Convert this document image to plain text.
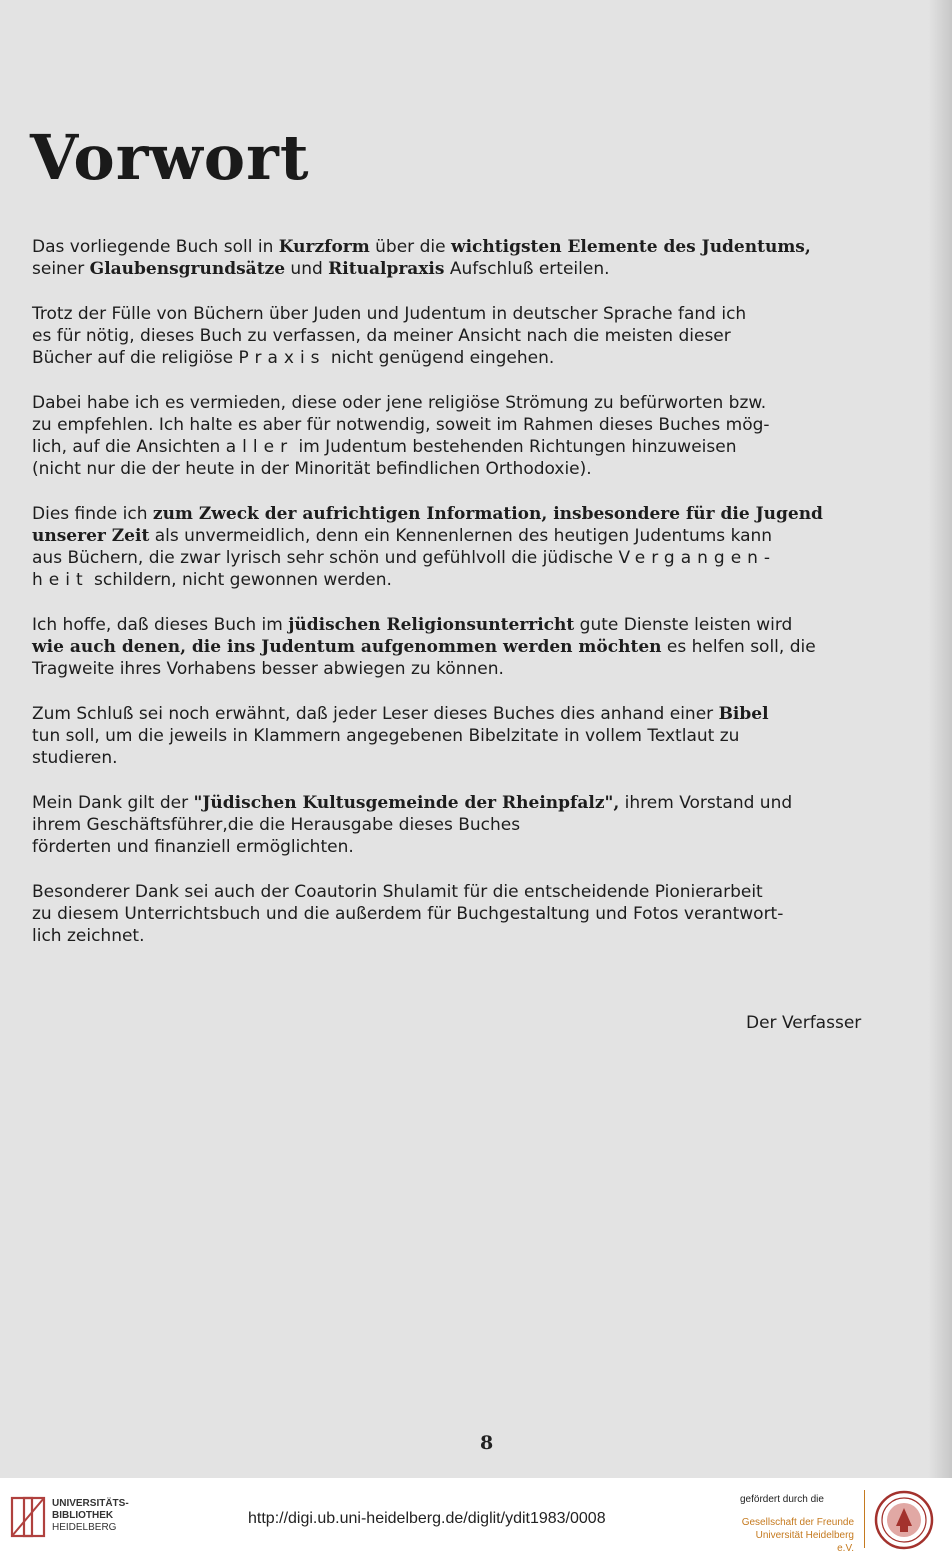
Vorwort

Das vorliegende Buch soll in Kurzform über die wichtigsten Elemente des Judentums,
seiner Glaubensgrundsätze und Ritualpraxis Aufschluß erteilen.

Trotz der Fülle von Büchern über Juden und Judentum in deutscher Sprache fand ich
es für nötig, dieses Buch zu verfassen, da meiner Ansicht nach die meisten dieser
Bücher auf die religiöse Praxis nicht genügend eingehen.

Dabei habe ich es vermieden, diese oder jene religiöse Strömung zu befürworten bzw.
zu empfehlen. Ich halte es aber für notwendig, soweit im Rahmen dieses Buches mög-
lich, auf die Ansichten aller im Judentum bestehenden Richtungen hinzuweisen
(nicht nur die der heute in der Minorität befindlichen Orthodoxie).

Dies finde ich zum Zweck der aufrichtigen Information, insbesondere für die Jugend
unserer Zeit als unvermeidlich, denn ein Kennenlernen des heutigen Judentums kann
aus Büchern, die zwar lyrisch sehr schön und gefühlvoll die jüdische Vergangen-
heit schildern, nicht gewonnen werden.

Ich hoffe, daß dieses Buch im jüdischen Religionsunterricht gute Dienste leisten wird
wie auch denen, die ins Judentum aufgenommen werden möchten es helfen soll, die
Tragweite ihres Vorhabens besser abwiegen zu können.

Zum Schluß sei noch erwähnt, daß jeder Leser dieses Buches dies anhand einer Bibel
tun soll, um die jeweils in Klammern angegebenen Bibelzitate in vollem Textlaut zu
studieren.

Mein Dank gilt der "Jüdischen Kultusgemeinde der Rheinpfalz", ihrem Vorstand und
ihrem Geschäftsführer,die die Herausgabe dieses Buches
förderten und finanziell ermöglichten.

Besonderer Dank sei auch der Coautorin Shulamit für die entscheidende Pionierarbeit
zu diesem Unterrichtsbuch und die außerdem für Buchgestaltung und Fotos verantwort-
lich zeichnet.

Der Verfasser
8
UNIVERSITÄTS-
BIBLIOTHEK
HEIDELBERG
http://digi.ub.uni-heidelberg.de/diglit/ydit1983/0008
gefördert durch die
Gesellschaft der Freunde
Universität Heidelberg e.V.
